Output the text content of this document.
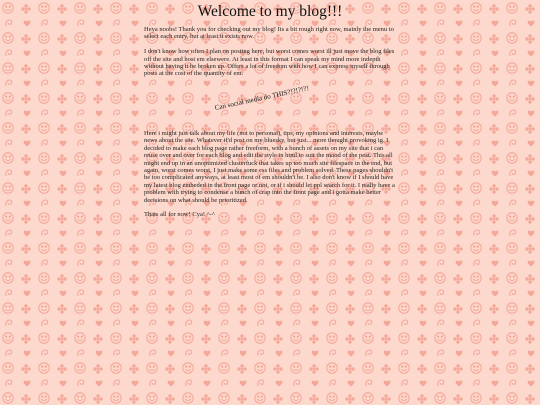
Welcome to my blog!!!

Heya noobs! Thank you for checking out my blog! Its a bit rough right now, mainly the menu to select each entry, but at least it exists now.

I don't know how often I plan on posting here, but worst comes worst ill just move the blog files off the site and host em elsewere. At least in this format I can speak my mind more indepth without having it be broken up. Offers a lot of freedom with how I can express myself through posts at the cost of the quantity of em.

Can social media do THIS?!?!?!?!

Here i might just talk about my life (not to personal), tips, my opinions and interests, maybe news about the site. Whatever if'd post on my bluesky, but just... more thought provoking ig. I decided to make each blog page rather freeform, with a bunch of assets on my site that i can reuse over and over for each blog and edit the style in html to suit the mood of the post. This all might end up in an unoptimized clusterfuck that takes up too much site filespace in the end, but again, worst comes worst, I just make some css files and problem solved. These pages shouldn't be too complicated anyways, at least most of em shouldn't be. I also don't know if I should have my latest blog embeded in the front page or not, or if i should let ppl search for it. I really have a problem with trying to condense a bunch of crap into the front page and i gotta make better decisions on what should be prioritized.

Thats all for now! Cya! ^-^
